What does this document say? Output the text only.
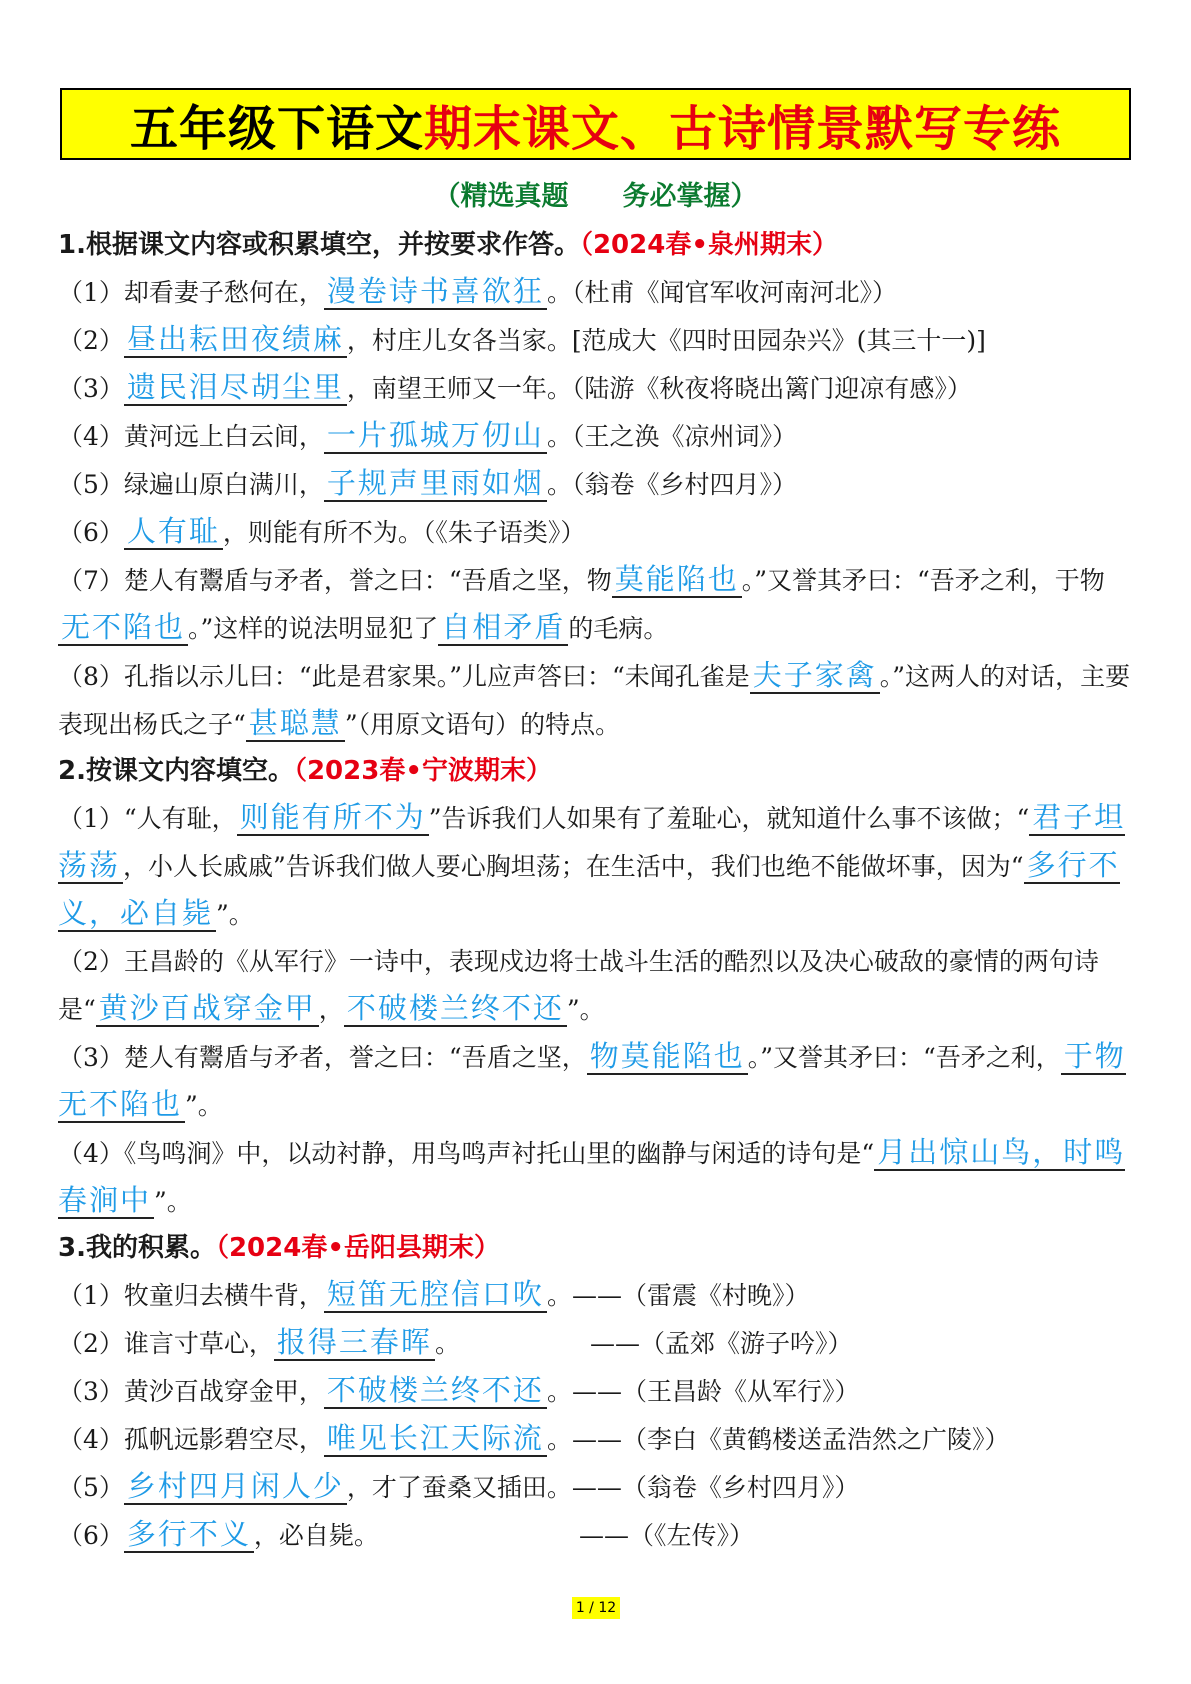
五年级下语文 期末课文、古诗情景默写专练
（精选真题　　务必掌握）
1.根据课文内容或积累填空，并按要求作答。（2024春•泉州期末）
（1）却看妻子愁何在， 漫卷诗书喜欲狂 。（杜甫《闻官军收河南河北》）
（2） 昼出耘田夜绩麻 ，村庄儿女各当家。[范成大《四时田园杂兴》(其三十一)]
（3） 遗民泪尽胡尘里 ，南望王师又一年。（陆游《秋夜将晓出篱门迎凉有感》）
（4）黄河远上白云间， 一片孤城万仞山 。（王之涣《凉州词》）
（5）绿遍山原白满川， 子规声里雨如烟 。（翁卷《乡村四月》）
（6） 人有耻 ，则能有所不为。（《朱子语类》）
（7）楚人有鬻盾与矛者，誉之曰：“吾盾之坚，物 莫能陷也 。”又誉其矛曰：“吾矛之利，于物无不陷也 。”这样的说法明显犯了 自相矛盾 的毛病。
（8）孔指以示儿曰：“此是君家果。”儿应声答曰：“未闻孔雀是 夫子家禽 。”这两人的对话，主要表现出杨氏之子“ 甚聪慧 ”（用原文语句）的特点。
2.按课文内容填空。（2023春•宁波期末）
（1）“人有耻， 则能有所不为 ”告诉我们人如果有了羞耻心，就知道什么事不该做；“ 君子坦荡荡 ，小人长戚戚”告诉我们做人要心胸坦荡；在生活中，我们也绝不能做坏事，因为“ 多行不义，必自毙 ”。
（2）王昌龄的《从军行》一诗中，表现戍边将士战斗生活的酷烈以及决心破敌的豪情的两句诗是“ 黄沙百战穿金甲 ， 不破楼兰终不还 ”。
（3）楚人有鬻盾与矛者，誉之曰：“吾盾之坚， 物莫能陷也 。”又誉其矛曰：“吾矛之利， 于物无不陷也 ”。
（4）《鸟鸣涧》中，以动衬静，用鸟鸣声衬托山里的幽静与闲适的诗句是“ 月出惊山鸟，时鸣春涧中 ”。
3.我的积累。（2024春•岳阳县期末）
（1）牧童归去横牛背， 短笛无腔信口吹 。——（雷震《村晚》）
（2）谁言寸草心， 报得三春晖 。	——（孟郊《游子吟》）
（3）黄沙百战穿金甲， 不破楼兰终不还 。——（王昌龄《从军行》）
（4）孤帆远影碧空尽， 唯见长江天际流 。——（李白《黄鹤楼送孟浩然之广陵》）
（5） 乡村四月闲人少 ，才了蚕桑又插田。——（翁卷《乡村四月》）
（6） 多行不义 ，必自毙。	——（《左传》）
1 / 12
